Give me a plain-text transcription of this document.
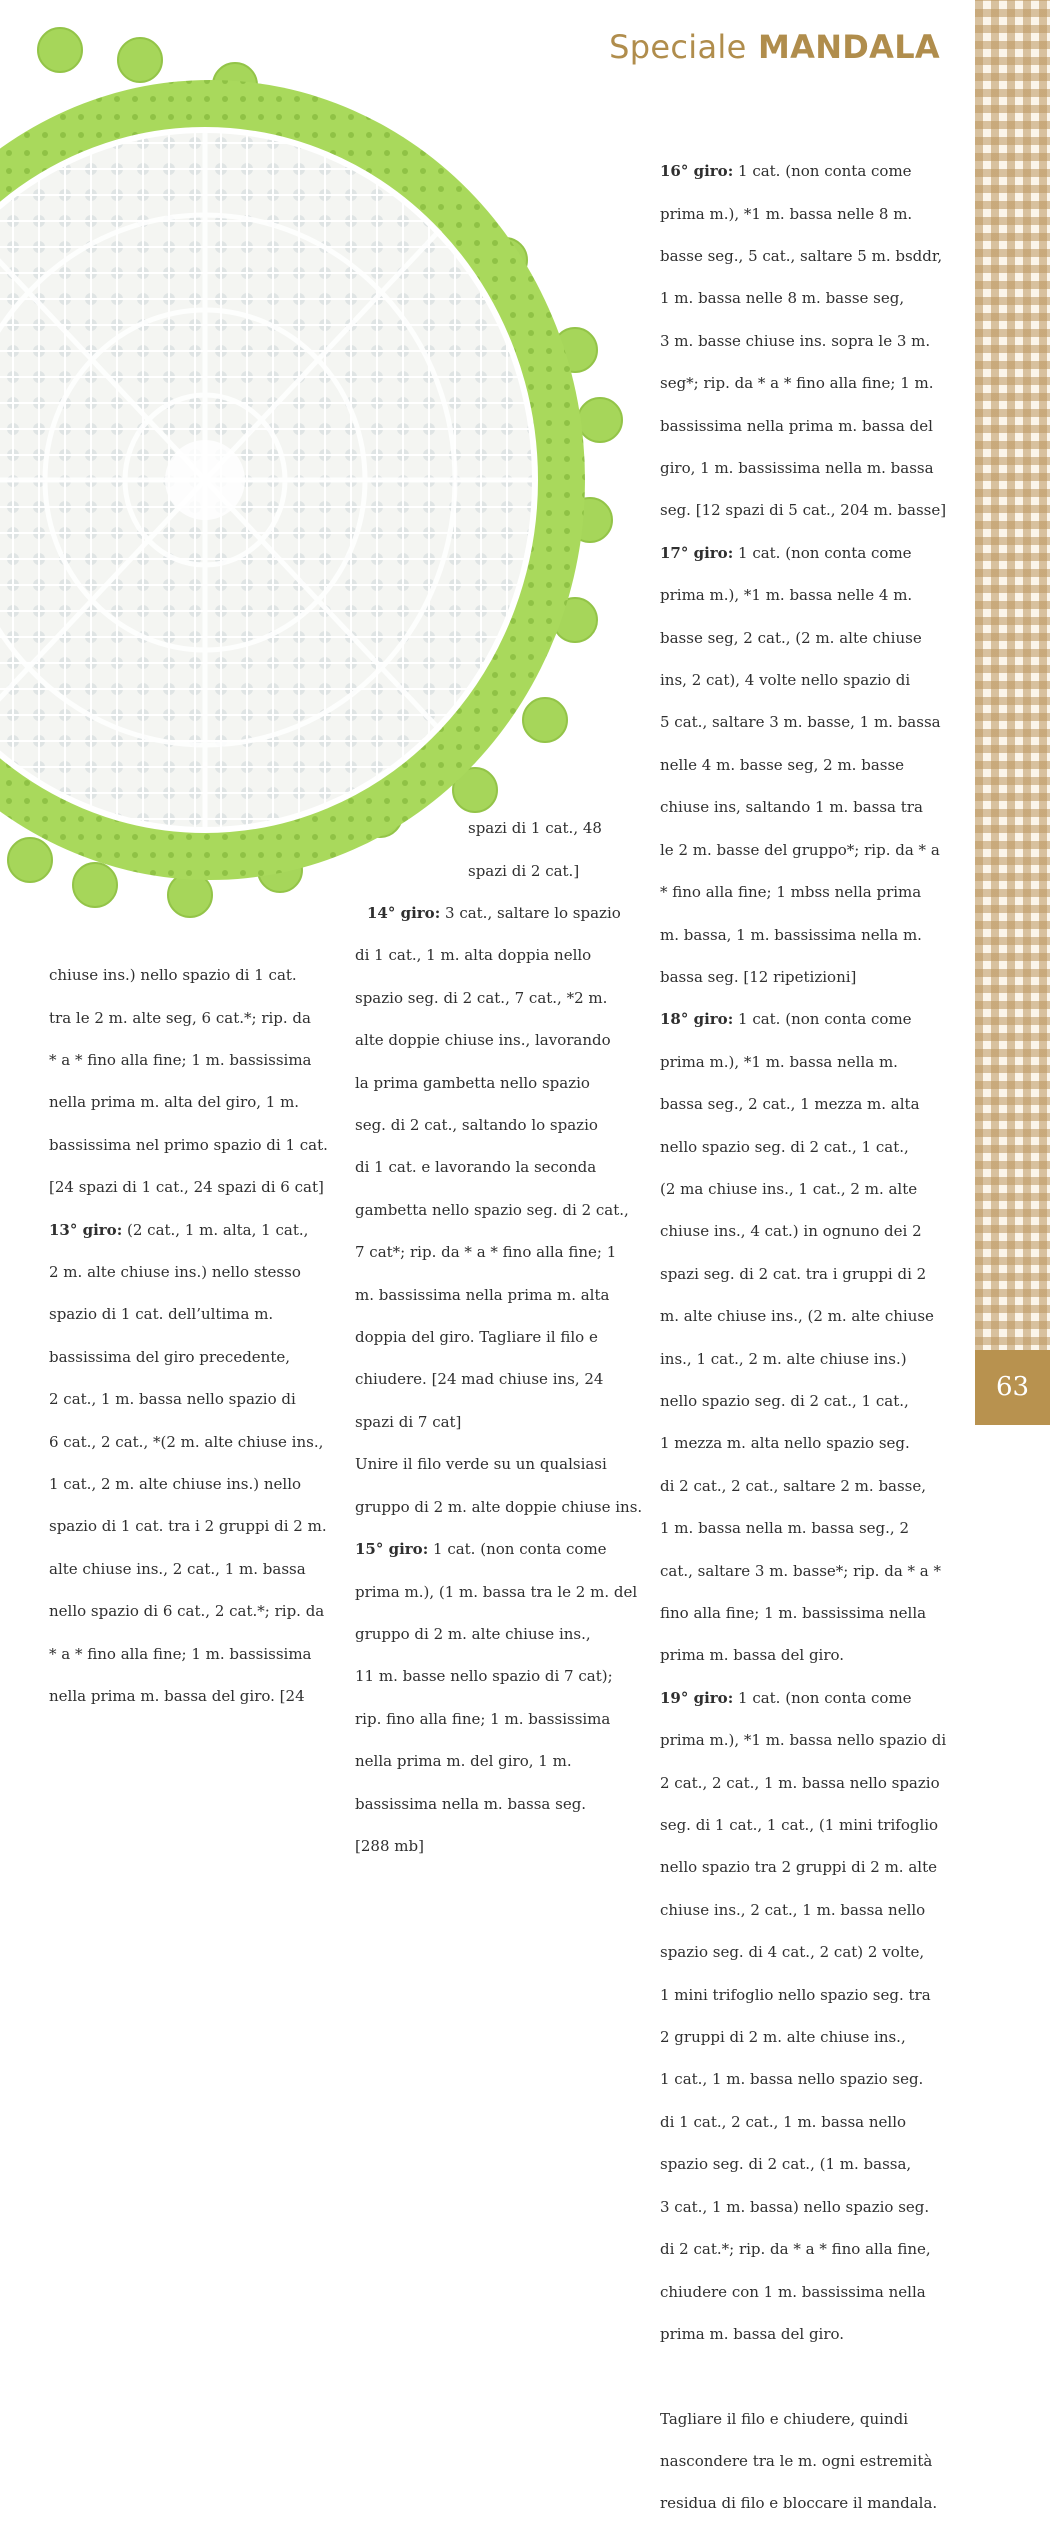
63
Speciale MANDALA

chiuse ins.) nello spazio di 1 cat.

tra le 2 m. alte seg, 6 cat.*; rip. da

* a * fino alla fine; 1 m. bassissima

nella prima m. alta del giro, 1 m.

bassissima nel primo spazio di 1 cat.

[24 spazi di 1 cat., 24 spazi di 6 cat]

13° giro: (2 cat., 1 m. alta, 1 cat.,

2 m. alte chiuse ins.) nello stesso

spazio di 1 cat. dell’ultima m.

bassissima del giro precedente,

2 cat., 1 m. bassa nello spazio di

6 cat., 2 cat., *(2 m. alte chiuse ins.,

1 cat., 2 m. alte chiuse ins.) nello

spazio di 1 cat. tra i 2 gruppi di 2 m.

alte chiuse ins., 2 cat., 1 m. bassa

nello spazio di 6 cat., 2 cat.*; rip. da

* a * fino alla fine; 1 m. bassissima

nella prima m. bassa del giro. [24

spazi di 1 cat., 48

spazi di 2 cat.]

14° giro: 3 cat., saltare lo spazio

di 1 cat., 1 m. alta doppia nello

spazio seg. di 2 cat., 7 cat., *2 m.

alte doppie chiuse ins., lavorando

la prima gambetta nello spazio

seg. di 2 cat., saltando lo spazio

di 1 cat. e lavorando la seconda

gambetta nello spazio seg. di 2 cat.,

7 cat*; rip. da * a * fino alla fine; 1

m. bassissima nella prima m. alta

doppia del giro. Tagliare il filo e

chiudere. [24 mad chiuse ins, 24

spazi di 7 cat]

Unire il filo verde su un qualsiasi

gruppo di 2 m. alte doppie chiuse ins.

15° giro: 1 cat. (non conta come

prima m.), (1 m. bassa tra le 2 m. del

gruppo di 2 m. alte chiuse ins.,

11 m. basse nello spazio di 7 cat);

rip. fino alla fine; 1 m. bassissima

nella prima m. del giro, 1 m.

bassissima nella m. bassa seg.

[288 mb]

16° giro: 1 cat. (non conta come

prima m.), *1 m. bassa nelle 8 m.

basse seg., 5 cat., saltare 5 m. bsddr,

1 m. bassa nelle 8 m. basse seg,

3 m. basse chiuse ins. sopra le 3 m.

seg*; rip. da * a * fino alla fine; 1 m.

bassissima nella prima m. bassa del

giro, 1 m. bassissima nella m. bassa

seg. [12 spazi di 5 cat., 204 m. basse]

17° giro: 1 cat. (non conta come

prima m.), *1 m. bassa nelle 4 m.

basse seg, 2 cat., (2 m. alte chiuse

ins, 2 cat), 4 volte nello spazio di

5 cat., saltare 3 m. basse, 1 m. bassa

nelle 4 m. basse seg, 2 m. basse

chiuse ins, saltando 1 m. bassa tra

le 2 m. basse del gruppo*; rip. da * a

* fino alla fine; 1 mbss nella prima

m. bassa, 1 m. bassissima nella m.

bassa seg. [12 ripetizioni]

18° giro: 1 cat. (non conta come

prima m.), *1 m. bassa nella m.

bassa seg., 2 cat., 1 mezza m. alta

nello spazio seg. di 2 cat., 1 cat.,

(2 ma chiuse ins., 1 cat., 2 m. alte

chiuse ins., 4 cat.) in ognuno dei 2

spazi seg. di 2 cat. tra i gruppi di 2

m. alte chiuse ins., (2 m. alte chiuse

ins., 1 cat., 2 m. alte chiuse ins.)

nello spazio seg. di 2 cat., 1 cat.,

1 mezza m. alta nello spazio seg.

di 2 cat., 2 cat., saltare 2 m. basse,

1 m. bassa nella m. bassa seg., 2

cat., saltare 3 m. basse*; rip. da * a *

fino alla fine; 1 m. bassissima nella

prima m. bassa del giro.

19° giro: 1 cat. (non conta come

prima m.), *1 m. bassa nello spazio di

2 cat., 2 cat., 1 m. bassa nello spazio

seg. di 1 cat., 1 cat., (1 mini trifoglio

nello spazio tra 2 gruppi di 2 m. alte

chiuse ins., 2 cat., 1 m. bassa nello

spazio seg. di 4 cat., 2 cat) 2 volte,

1 mini trifoglio nello spazio seg. tra

2 gruppi di 2 m. alte chiuse ins.,

1 cat., 1 m. bassa nello spazio seg.

di 1 cat., 2 cat., 1 m. bassa nello

spazio seg. di 2 cat., (1 m. bassa,

3 cat., 1 m. bassa) nello spazio seg.

di 2 cat.*; rip. da * a * fino alla fine,

chiudere con 1 m. bassissima nella

prima m. bassa del giro.

Tagliare il filo e chiudere, quindi

nascondere tra le m. ogni estremità

residua di filo e bloccare il mandala.
